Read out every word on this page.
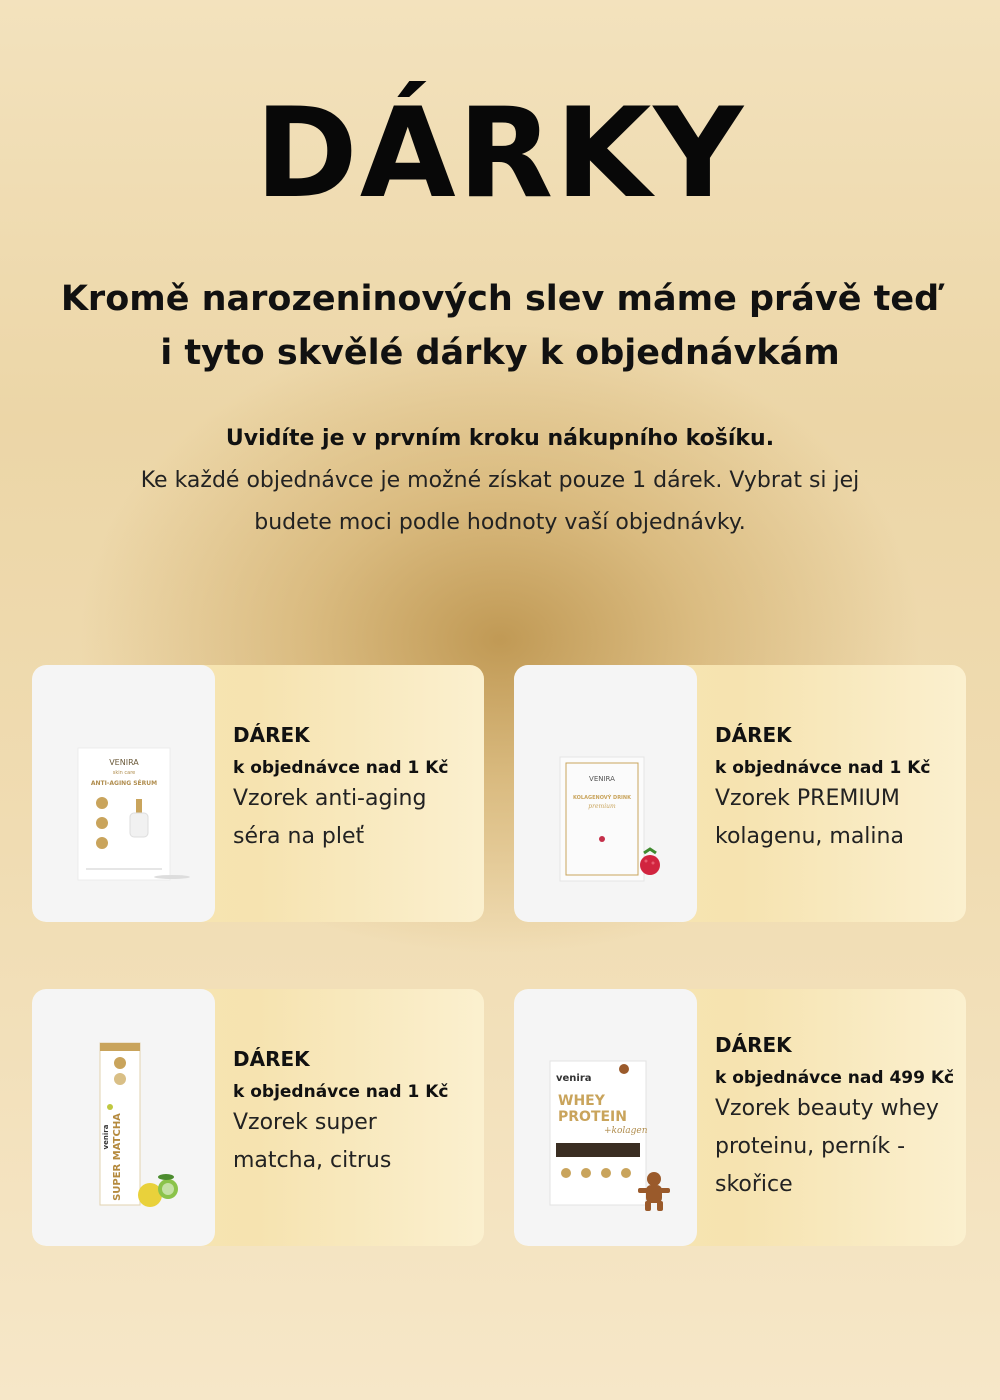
DÁRKY
Kromě narozeninových slev máme právě teď
i tyto skvělé dárky k objednávkám
Uvidíte je v prvním kroku nákupního košíku.
Ke každé objednávce je možné získat pouze 1 dárek. Vybrat si jej
budete moci podle hodnoty vaší objednávky.
VENIRA
skin care
ANTI-AGING SÉRUM
DÁREK
k objednávce nad 1 Kč
Vzorek anti-aging
séra na pleť
VENIRA
KOLAGENOVÝ DRINK
premium
DÁREK
k objednávce nad 1 Kč
Vzorek PREMIUM
kolagenu, malina
SUPER MATCHA
venira
DÁREK
k objednávce nad 1 Kč
Vzorek super
matcha, citrus
venira
WHEY
PROTEIN
+kolagen
DÁREK
k objednávce nad 499 Kč
Vzorek beauty whey
proteinu, perník -
skořice
